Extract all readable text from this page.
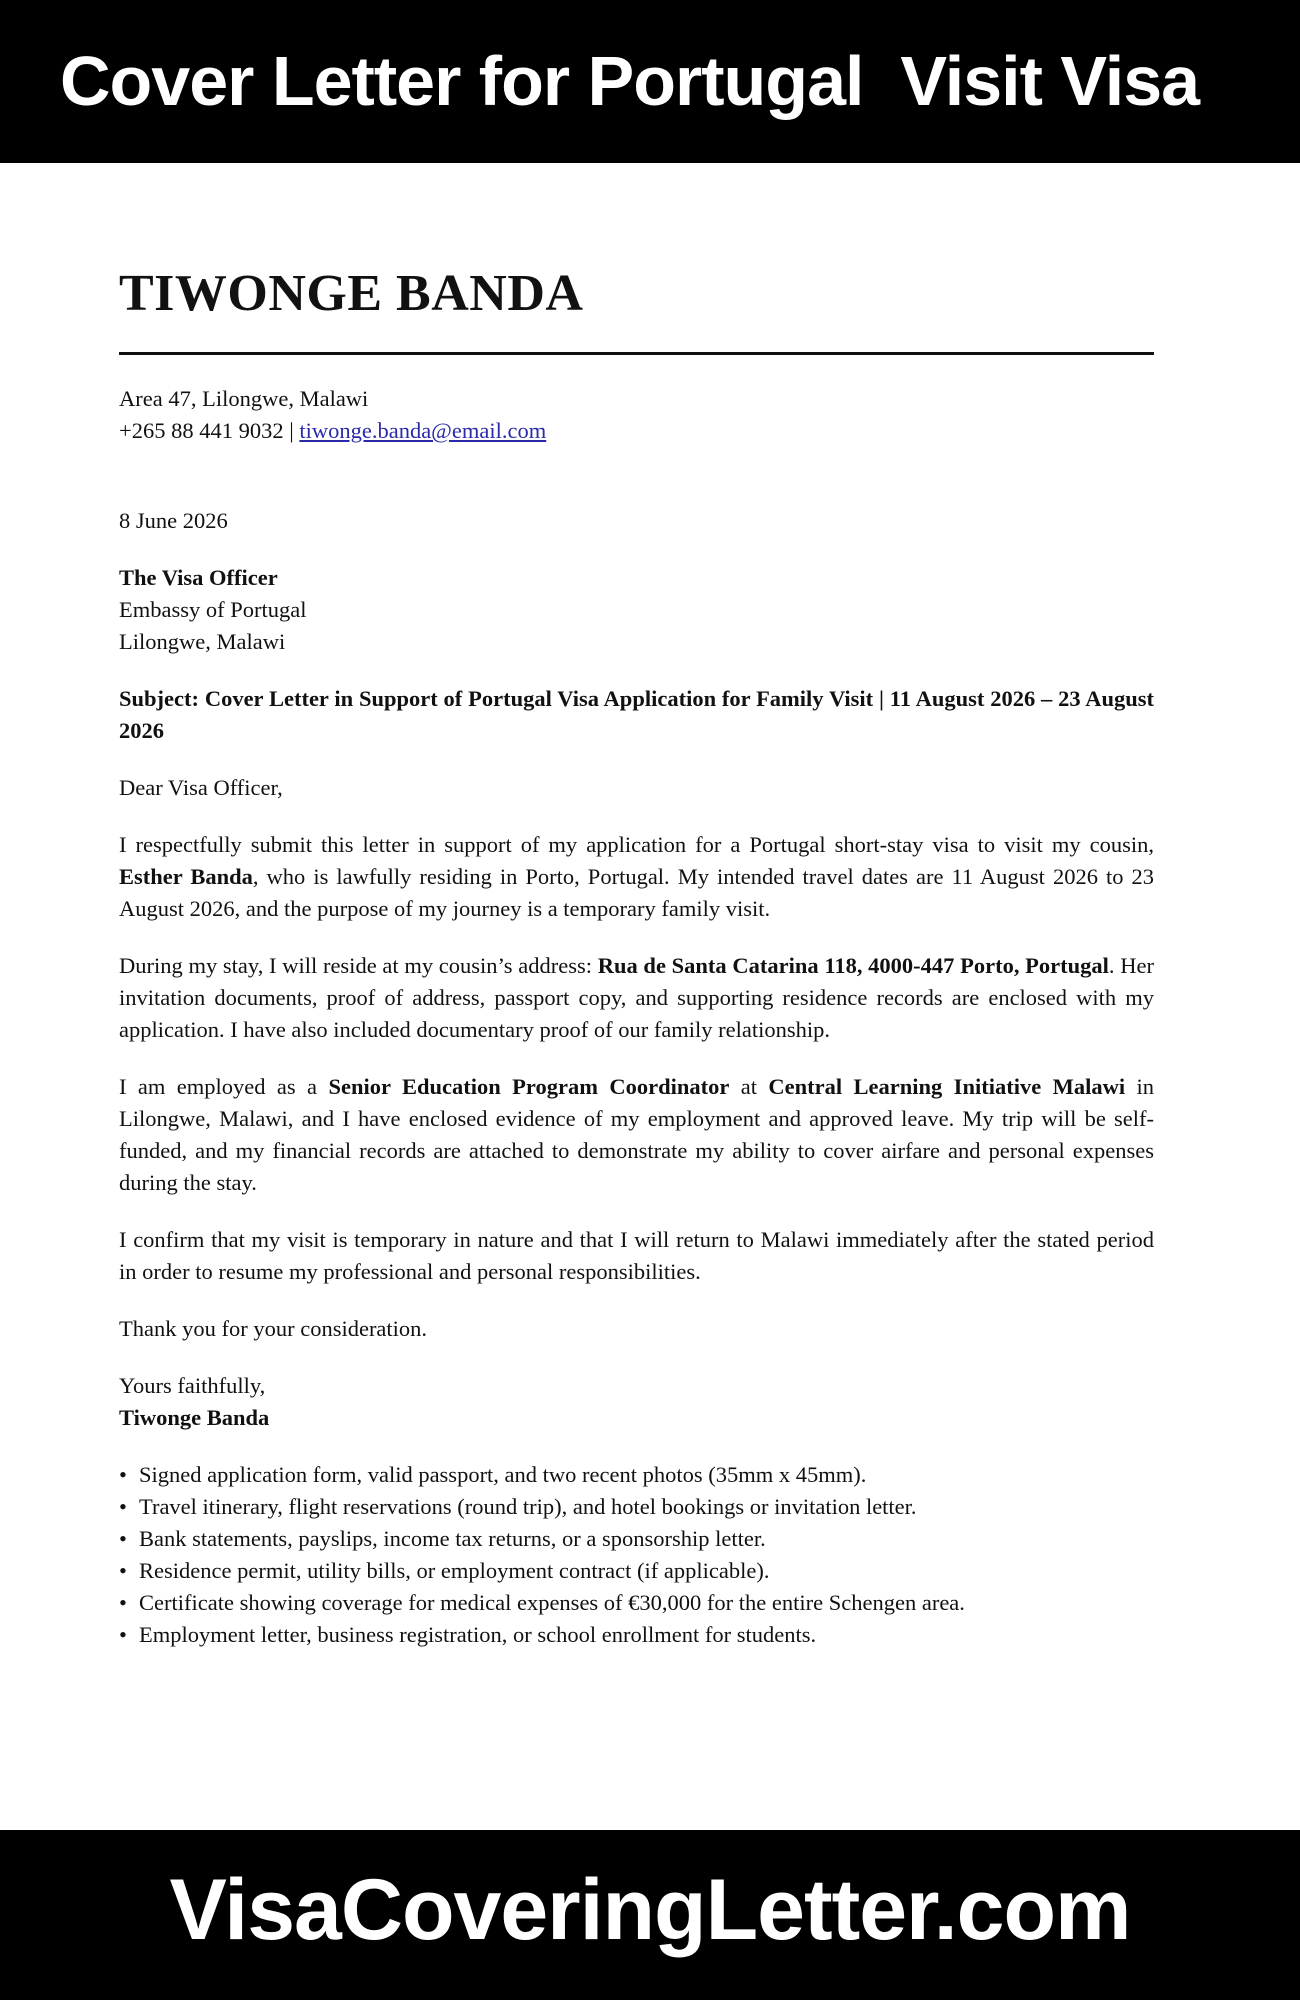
Cover Letter for Portugal  Visit Visa
TIWONGE BANDA

Area 47, Lilongwe, Malawi

+265 88 441 9032 | tiwonge.banda@email.com

8 June 2026

The Visa Officer

Embassy of Portugal

Lilongwe, Malawi

Subject: Cover Letter in Support of Portugal Visa Application for Family Visit | 11 August 2026 – 23 August 2026

Dear Visa Officer,

I respectfully submit this letter in support of my application for a Portugal short-stay visa to visit my cousin, Esther Banda, who is lawfully residing in Porto, Portugal. My intended travel dates are 11 August 2026 to 23 August 2026, and the purpose of my journey is a temporary family visit.

During my stay, I will reside at my cousin’s address: Rua de Santa Catarina 118, 4000-447 Porto, Portugal. Her invitation documents, proof of address, passport copy, and supporting residence records are enclosed with my application. I have also included documentary proof of our family relationship.

I am employed as a Senior Education Program Coordinator at Central Learning Initiative Malawi in Lilongwe, Malawi, and I have enclosed evidence of my employment and approved leave. My trip will be self-funded, and my financial records are attached to demonstrate my ability to cover airfare and personal expenses during the stay.

I confirm that my visit is temporary in nature and that I will return to Malawi immediately after the stated period in order to resume my professional and personal responsibilities.

Thank you for your consideration.

Yours faithfully,

Tiwonge Banda

• Signed application form, valid passport, and two recent photos (35mm x 45mm).
• Travel itinerary, flight reservations (round trip), and hotel bookings or invitation letter.
• Bank statements, payslips, income tax returns, or a sponsorship letter.
• Residence permit, utility bills, or employment contract (if applicable).
• Certificate showing coverage for medical expenses of €30,000 for the entire Schengen area.
• Employment letter, business registration, or school enrollment for students.
VisaCoveringLetter.com
